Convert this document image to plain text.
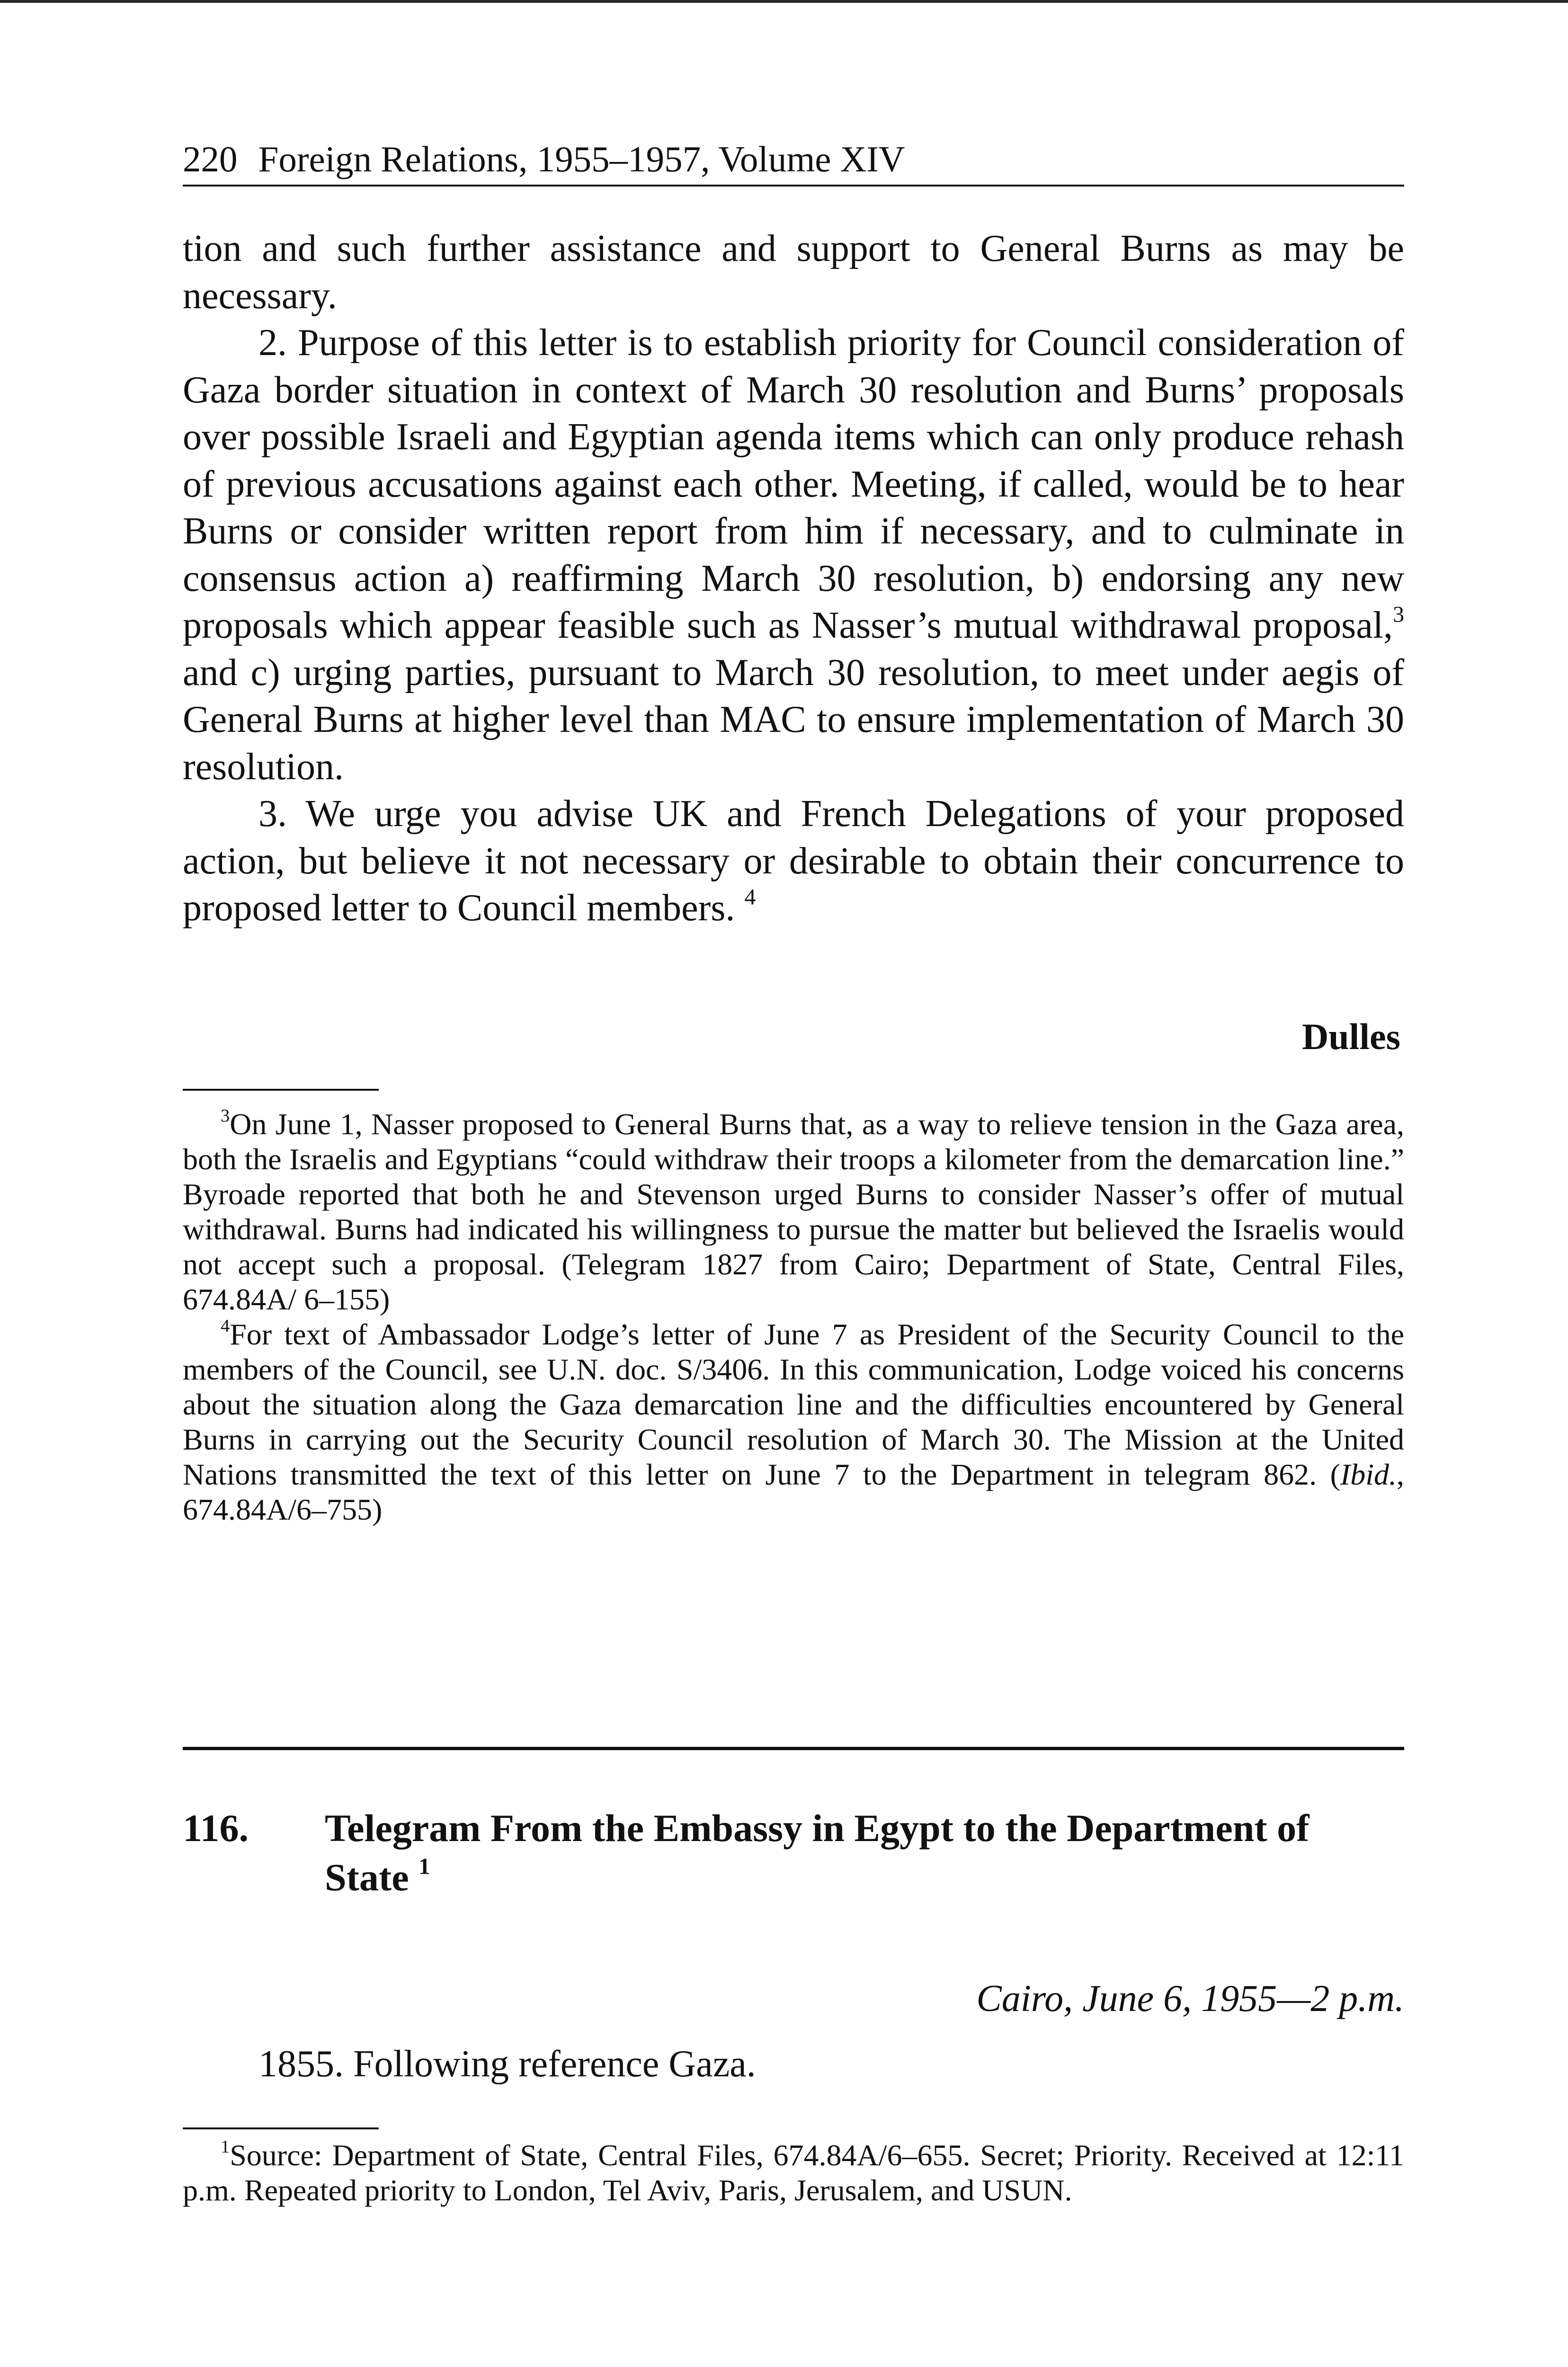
220 Foreign Relations, 1955–1957, Volume XIV

tion and such further assistance and support to General Burns as may be necessary.

2. Purpose of this letter is to establish priority for Council consideration of Gaza border situation in context of March 30 resolution and Burns’ proposals over possible Israeli and Egyptian agenda items which can only produce rehash of previous accusations against each other. Meeting, if called, would be to hear Burns or consider written report from him if necessary, and to culminate in consensus action a) reaffirming March 30 resolution, b) endorsing any new proposals which appear feasible such as Nasser’s mutual withdrawal proposal,$^3$ and c) urging parties, pursuant to March 30 resolution, to meet under aegis of General Burns at higher level than MAC to ensure implementation of March 30 resolution.

3. We urge you advise UK and French Delegations of your proposed action, but believe it not necessary or desirable to obtain their concurrence to proposed letter to Council members. $^4$

Dulles

$^3$On June 1, Nasser proposed to General Burns that, as a way to relieve tension in the Gaza area, both the Israelis and Egyptians “could withdraw their troops a kilometer from the demarcation line.” Byroade reported that both he and Stevenson urged Burns to consider Nasser’s offer of mutual withdrawal. Burns had indicated his willingness to pursue the matter but believed the Israelis would not accept such a proposal. (Telegram 1827 from Cairo; Department of State, Central Files, 674.84A/ 6–155)

$^4$For text of Ambassador Lodge’s letter of June 7 as President of the Security Council to the members of the Council, see U.N. doc. S/3406. In this communication, Lodge voiced his concerns about the situation along the Gaza demarcation line and the difficulties encountered by General Burns in carrying out the Security Council resolution of March 30. The Mission at the United Nations transmitted the text of this letter on June 7 to the Department in telegram 862. (Ibid., 674.84A/6–755)

116. Telegram From the Embassy in Egypt to the Department of State $^1$
Cairo, June 6, 1955—2 p.m.
1855. Following reference Gaza.

$^1$Source: Department of State, Central Files, 674.84A/6–655. Secret; Priority. Received at 12:11 p.m. Repeated priority to London, Tel Aviv, Paris, Jerusalem, and USUN.
